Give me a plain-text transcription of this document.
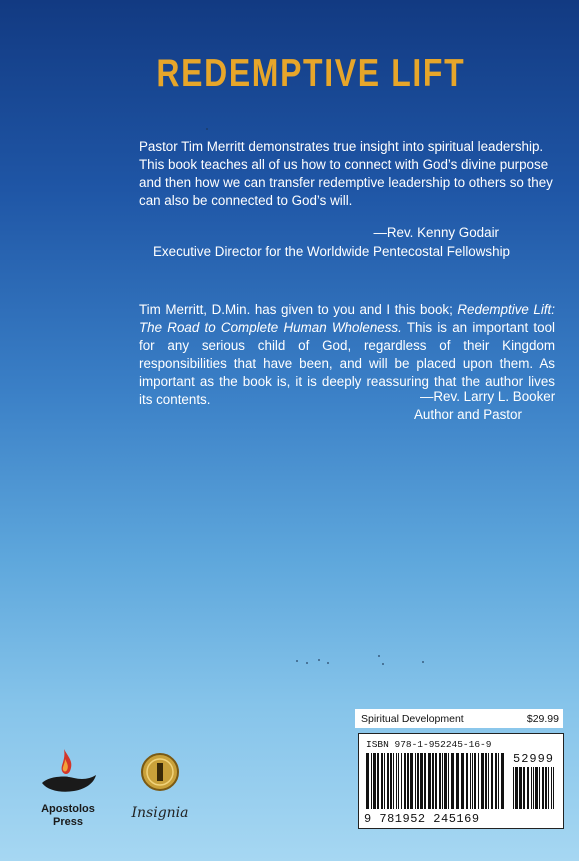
REDEMPTIVE LIFT
Pastor Tim Merritt demonstrates true insight into spiritual leadership. This book teaches all of us how to connect with God’s divine purpose and then how we can transfer redemptive leadership to others so they can also be connected to God’s will.
—Rev. Kenny Godair
Executive Director for the Worldwide Pentecostal Fellowship
Tim Merritt, D.Min. has given to you and I this book; Redemptive Lift: The Road to Complete Human Wholeness. This is an important tool for any serious child of God, regardless of their Kingdom responsibilities that have been, and will be placed upon them. As important as the book is, it is deeply reassuring that the author lives its contents.	—Rev. Larry L. Booker
Author and Pastor
Spiritual Development	$29.99
ISBN 978-1-952245-16-9
52999
9 781952 245169
Apostolos
Press
Insignia
